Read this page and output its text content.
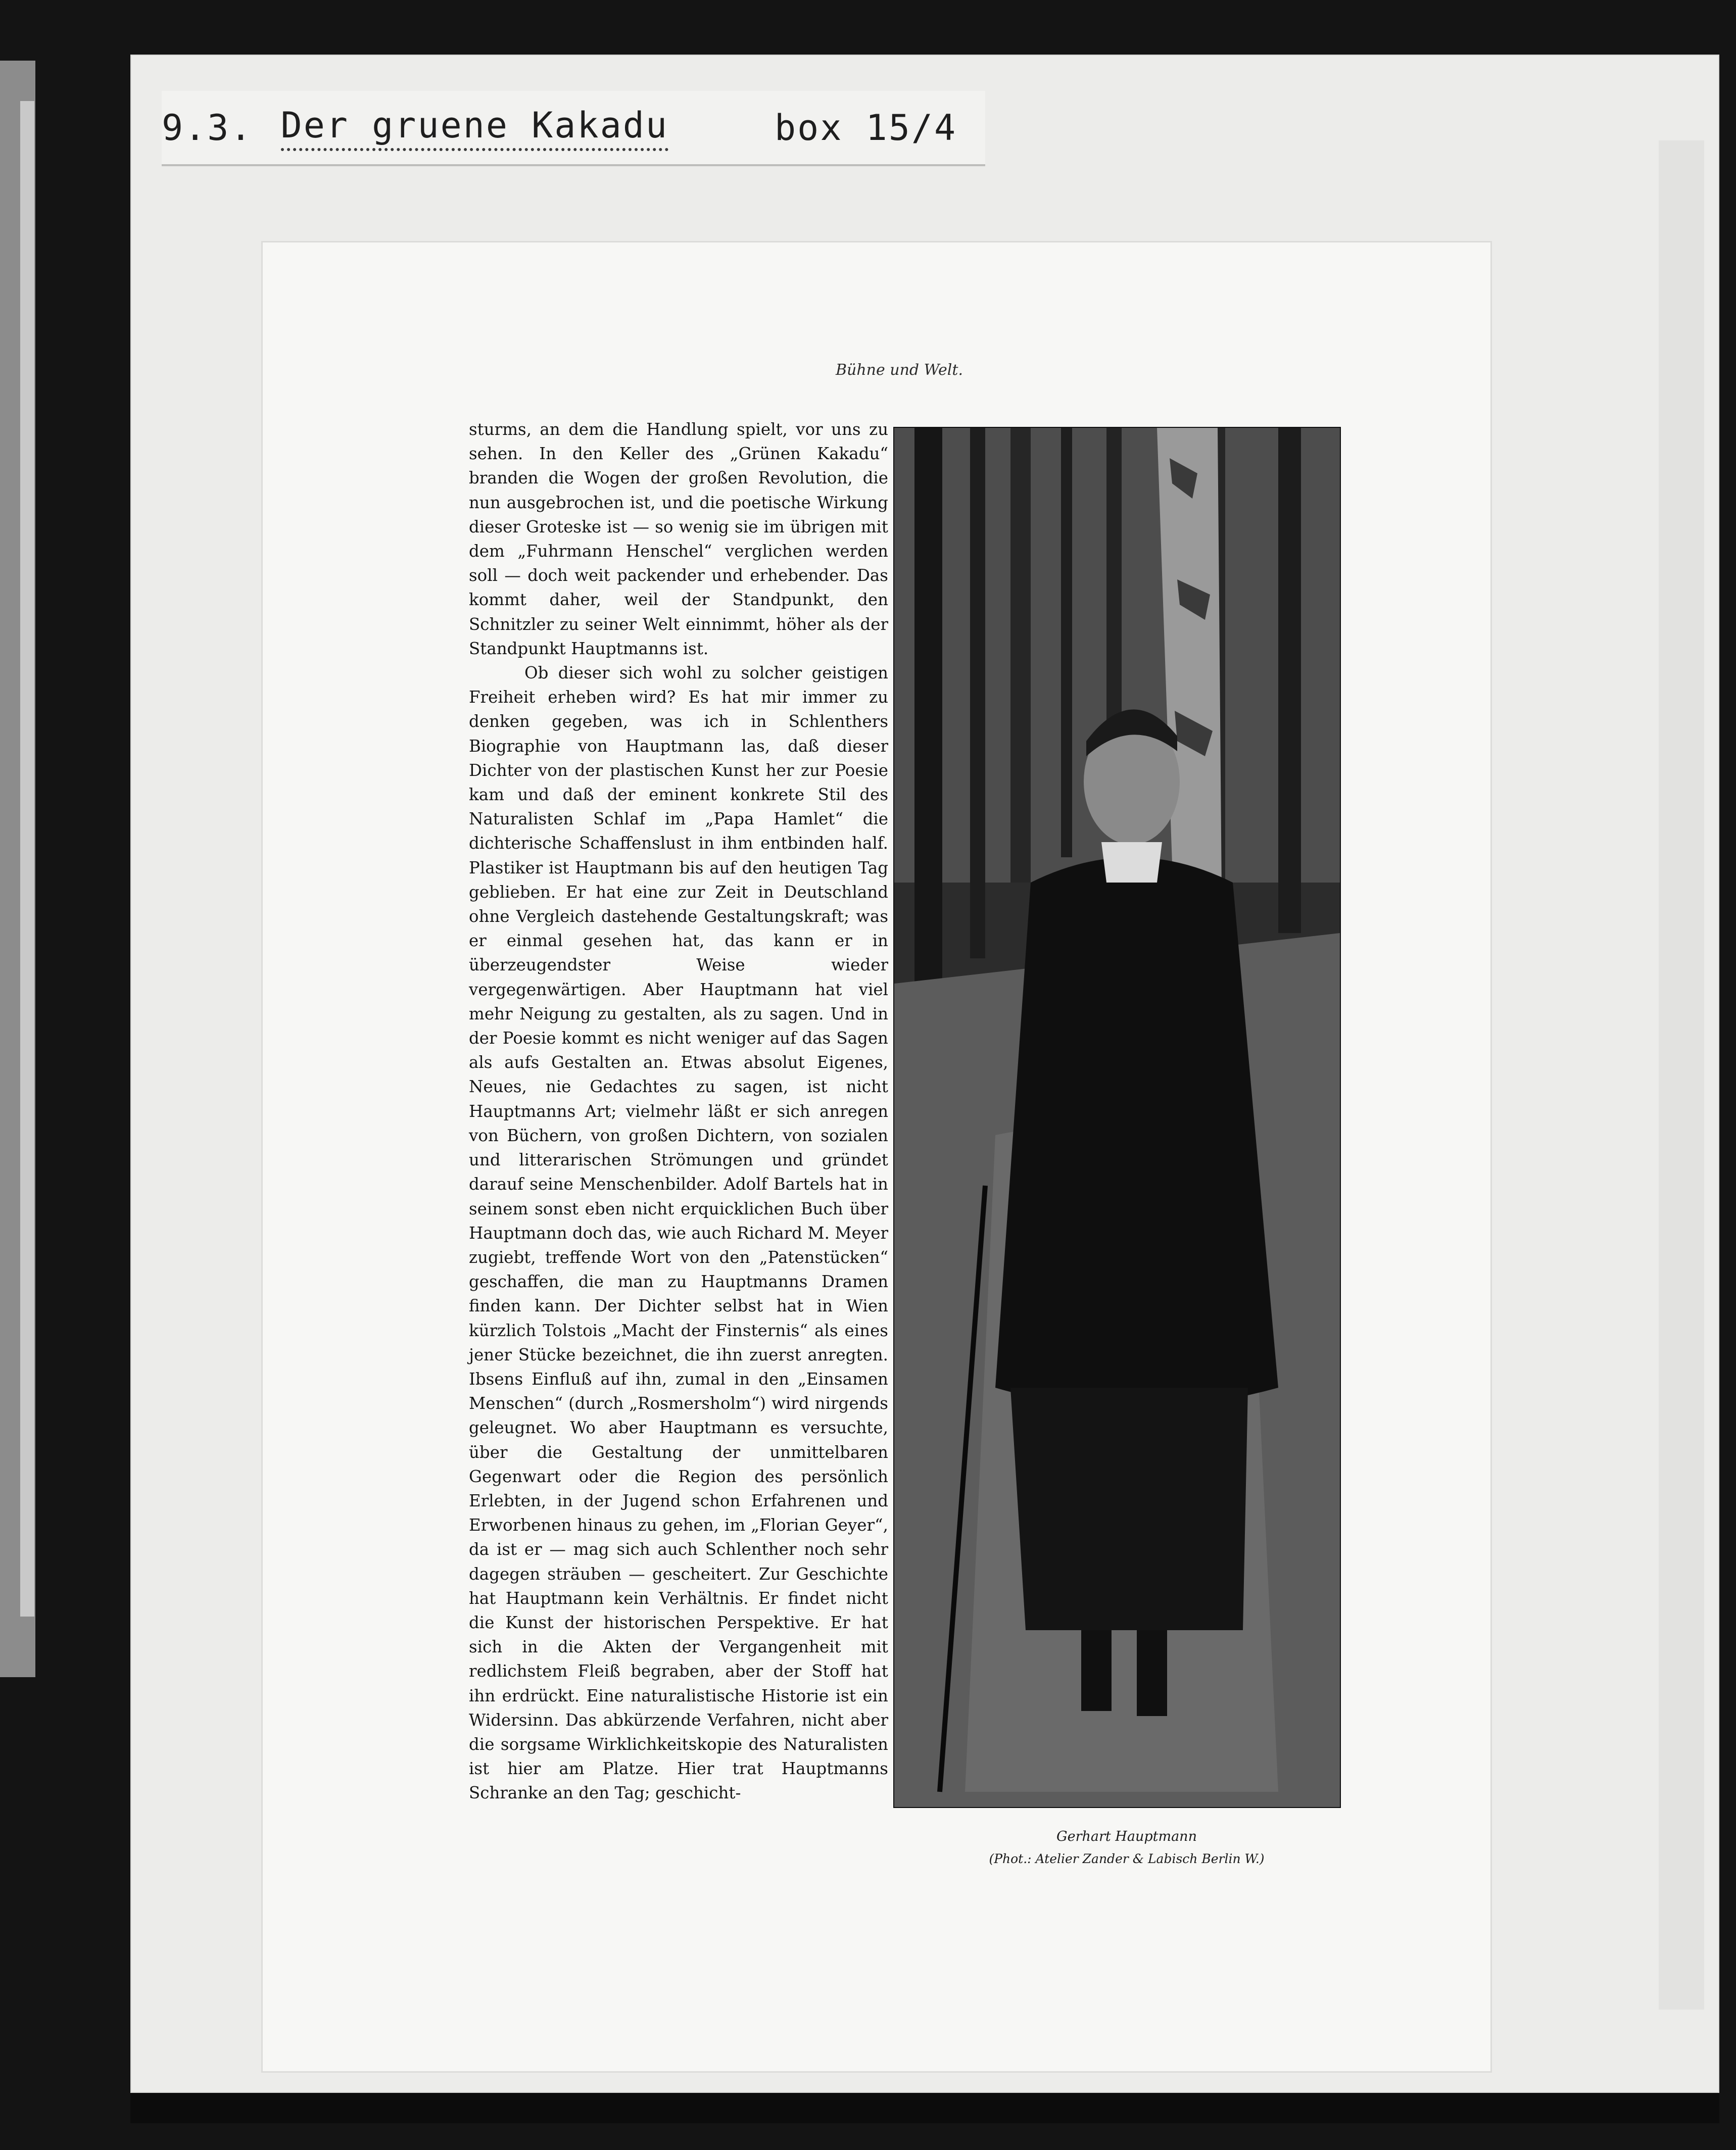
9.3. Der gruene Kakadu	box 15/4
Bühne und Welt.

sturms, an dem die Handlung spielt, vor uns zu sehen. In den Keller des „Grünen Kakadu“ branden die Wogen der großen Revolution, die nun ausgebrochen ist, und die poetische Wirkung dieser Groteske ist — so wenig sie im übrigen mit dem „Fuhrmann Henschel“ verglichen werden soll — doch weit packender und erhebender. Das kommt daher, weil der Standpunkt, den Schnitzler zu seiner Welt einnimmt, höher als der Standpunkt Hauptmanns ist.

Ob dieser sich wohl zu solcher geistigen Freiheit erheben wird? Es hat mir immer zu denken gegeben, was ich in Schlenthers Biographie von Hauptmann las, daß dieser Dichter von der plastischen Kunst her zur Poesie kam und daß der eminent konkrete Stil des Naturalisten Schlaf im „Papa Hamlet“ die dichterische Schaffenslust in ihm entbinden half. Plastiker ist Hauptmann bis auf den heutigen Tag geblieben. Er hat eine zur Zeit in Deutschland ohne Vergleich dastehende Gestaltungskraft; was er einmal gesehen hat, das kann er in überzeugendster Weise wieder vergegenwärtigen. Aber Hauptmann hat viel mehr Neigung zu gestalten, als zu sagen. Und in der Poesie kommt es nicht weniger auf das Sagen als aufs Gestalten an. Etwas absolut Eigenes, Neues, nie Gedachtes zu sagen, ist nicht Hauptmanns Art; vielmehr läßt er sich anregen von Büchern, von großen Dichtern, von sozialen und litterarischen Strömungen und gründet darauf seine Menschenbilder. Adolf Bartels hat in seinem sonst eben nicht erquicklichen Buch über Hauptmann doch das, wie auch Richard M. Meyer zugiebt, treffende Wort von den „Patenstücken“ geschaffen, die man zu Hauptmanns Dramen finden kann. Der Dichter selbst hat in Wien kürzlich Tolstois „Macht der Finsternis“ als eines jener Stücke bezeichnet, die ihn zuerst anregten. Ibsens Einfluß auf ihn, zumal in den „Einsamen Menschen“ (durch „Rosmersholm“) wird nirgends geleugnet. Wo aber Hauptmann es versuchte, über die Gestaltung der unmittelbaren Gegenwart oder die Region des persönlich Erlebten, in der Jugend schon Erfahrenen und Erworbenen hinaus zu gehen, im „Florian Geyer“, da ist er — mag sich auch Schlenther noch sehr dagegen sträuben — gescheitert. Zur Geschichte hat Hauptmann kein Verhältnis. Er findet nicht die Kunst der historischen Perspektive. Er hat sich in die Akten der Vergangenheit mit redlichstem Fleiß begraben, aber der Stoff hat ihn erdrückt. Eine naturalistische Historie ist ein Widersinn. Das abkürzende Verfahren, nicht aber die sorgsame Wirklichkeitskopie des Naturalisten ist hier am Platze. Hier trat Hauptmanns Schranke an den Tag; geschicht-

Gerhart Hauptmann
(Phot.: Atelier Zander & Labisch Berlin W.)
